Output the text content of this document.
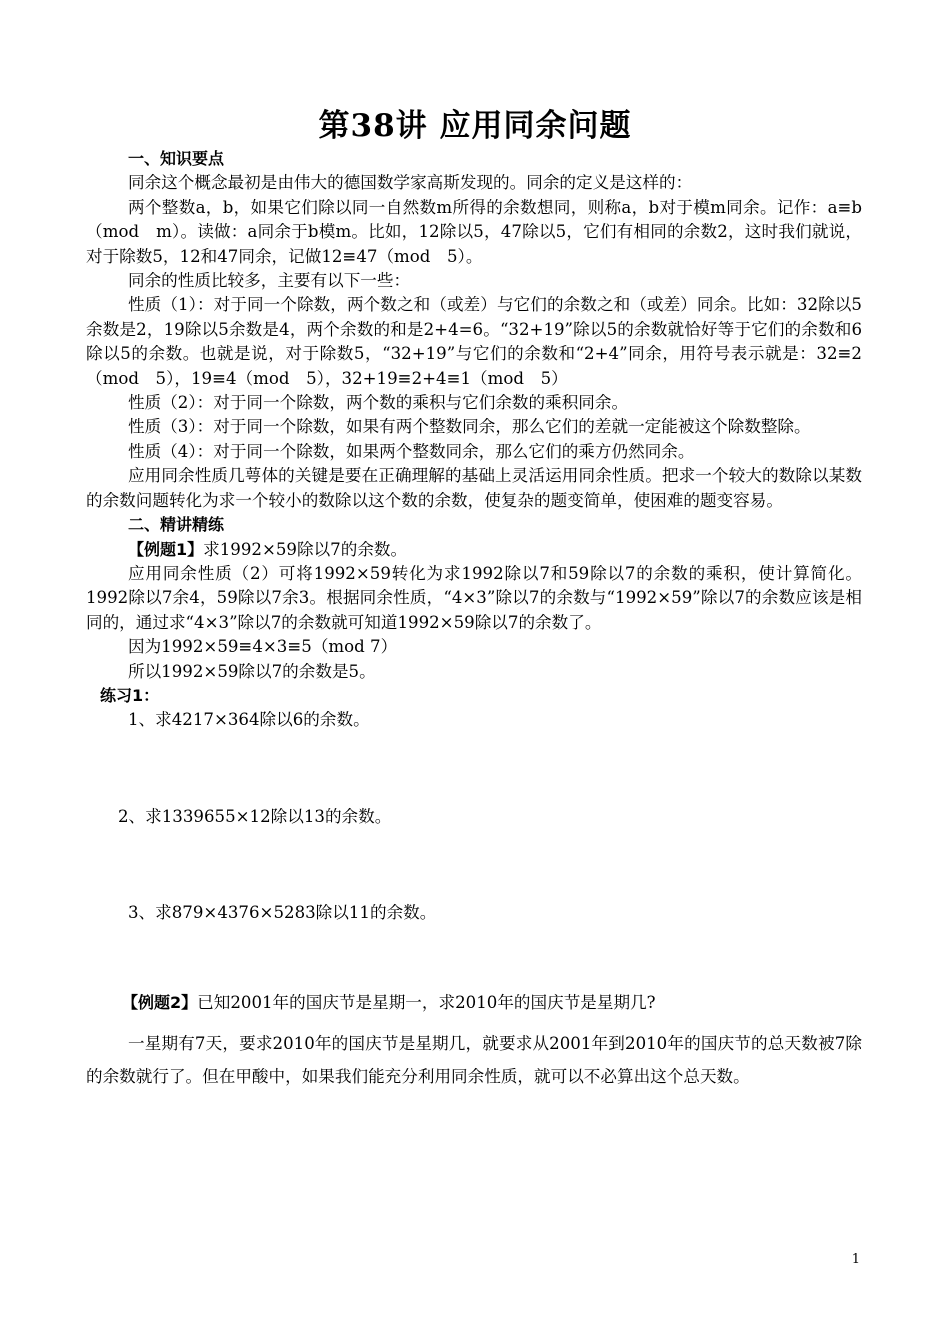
第38讲 应用同余问题

一、知识要点

同余这个概念最初是由伟大的德国数学家高斯发现的。同余的定义是这样的：

两个整数a，b，如果它们除以同一自然数m所得的余数想同，则称a，b对于模m同余。记作：a≡b（mod　m）。读做：a同余于b模m。比如，12除以5，47除以5，它们有相同的余数2，这时我们就说，对于除数5，12和47同余，记做12≡47（mod　5）。

同余的性质比较多，主要有以下一些：

性质（1）：对于同一个除数，两个数之和（或差）与它们的余数之和（或差）同余。比如：32除以5余数是2，19除以5余数是4，两个余数的和是2+4=6。“32+19”除以5的余数就恰好等于它们的余数和6除以5的余数。也就是说，对于除数5，“32+19”与它们的余数和“2+4”同余，用符号表示就是：32≡2（mod　5），19≡4（mod　5），32+19≡2+4≡1（mod　5）

性质（2）：对于同一个除数，两个数的乘积与它们余数的乘积同余。

性质（3）：对于同一个除数，如果有两个整数同余，那么它们的差就一定能被这个除数整除。

性质（4）：对于同一个除数，如果两个整数同余，那么它们的乘方仍然同余。

应用同余性质几萼体的关键是要在正确理解的基础上灵活运用同余性质。把求一个较大的数除以某数的余数问题转化为求一个较小的数除以这个数的余数，使复杂的题变简单，使困难的题变容易。

二、精讲精练

【例题1】求1992×59除以7的余数。

应用同余性质（2）可将1992×59转化为求1992除以7和59除以7的余数的乘积，使计算简化。1992除以7余4，59除以7余3。根据同余性质，“4×3”除以7的余数与“1992×59”除以7的余数应该是相同的，通过求“4×3”除以7的余数就可知道1992×59除以7的余数了。

因为1992×59≡4×3≡5（mod 7）

所以1992×59除以7的余数是5。

练习1：

1、求4217×364除以6的余数。

2、求1339655×12除以13的余数。

3、求879×4376×5283除以11的余数。

【例题2】已知2001年的国庆节是星期一，求2010年的国庆节是星期几?

一星期有7天，要求2010年的国庆节是星期几，就要求从2001年到2010年的国庆节的总天数被7除的余数就行了。但在甲酸中，如果我们能充分利用同余性质，就可以不必算出这个总天数。

1
